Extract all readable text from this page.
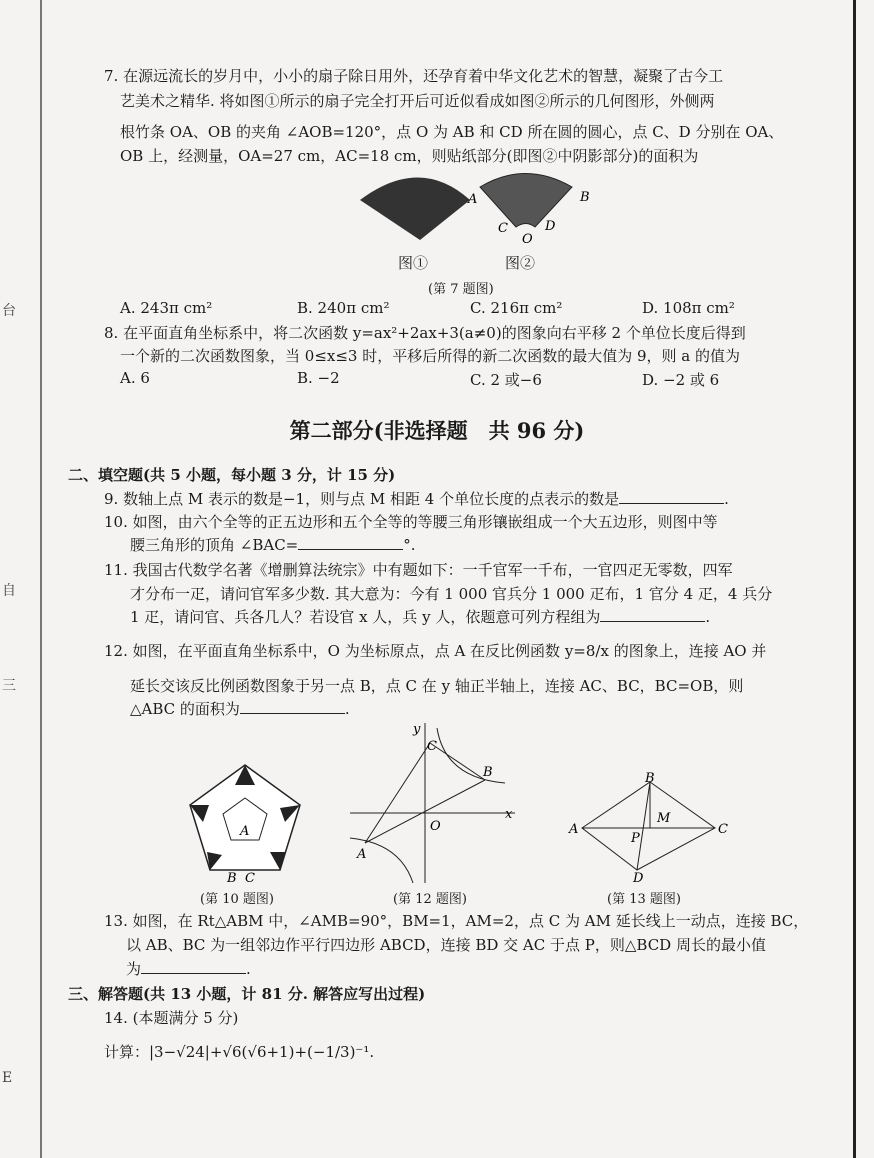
台
自
三
E
7. 在源远流长的岁月中，小小的扇子除日用外，还孕育着中华文化艺术的智慧，凝聚了古今工
艺美术之精华. 将如图①所示的扇子完全打开后可近似看成如图②所示的几何图形，外侧两
根竹条 OA、OB 的夹角 ∠AOB=120°，点 O 为 AB 和 CD 所在圆的圆心，点 C、D 分别在 OA、
OB 上，经测量，OA=27 cm，AC=18 cm，则贴纸部分(即图②中阴影部分)的面积为
A	B
C	D
O
图①	图②
(第 7 题图)
A. 243π cm²	B. 240π cm²	C. 216π cm²	D. 108π cm²
8. 在平面直角坐标系中，将二次函数 y=ax²+2ax+3(a≠0)的图象向右平移 2 个单位长度后得到
一个新的二次函数图象，当 0≤x≤3 时，平移后所得的新二次函数的最大值为 9，则 a 的值为
A. 6	B. −2	C. 2 或−6	D. −2 或 6
第二部分(非选择题　共 96 分)
二、填空题(共 5 小题，每小题 3 分，计 15 分)
9. 数轴上点 M 表示的数是−1，则与点 M 相距 4 个单位长度的点表示的数是	.
10. 如图，由六个全等的正五边形和五个全等的等腰三角形镶嵌组成一个大五边形，则图中等
腰三角形的顶角 ∠BAC=	°.
11. 我国古代数学名著《增删算法统宗》中有题如下：一千官军一千布，一官四疋无零数，四军
才分布一疋，请问官军多少数. 其大意为：今有 1 000 官兵分 1 000 疋布，1 官分 4 疋，4 兵分
1 疋，请问官、兵各几人？若设官 x 人，兵 y 人，依题意可列方程组为	.
12. 如图，在平面直角坐标系中，O 为坐标原点，点 A 在反比例函数 y=8/x 的图象上，连接 AO 并
延长交该反比例函数图象于另一点 B，点 C 在 y 轴正半轴上，连接 AC、BC，BC=OB，则
△ABC 的面积为	.
A
B C
(第 10 题图)
x
y
O
A
B
C
(第 12 题图)
B
A	C
D
M
P
(第 13 题图)
13. 如图，在 Rt△ABM 中，∠AMB=90°，BM=1，AM=2，点 C 为 AM 延长线上一动点，连接 BC，
以 AB、BC 为一组邻边作平行四边形 ABCD，连接 BD 交 AC 于点 P，则△BCD 周长的最小值
为	.
三、解答题(共 13 小题，计 81 分. 解答应写出过程)
14. (本题满分 5 分)
计算：|3−√24|+√6(√6+1)+(−1/3)⁻¹.
